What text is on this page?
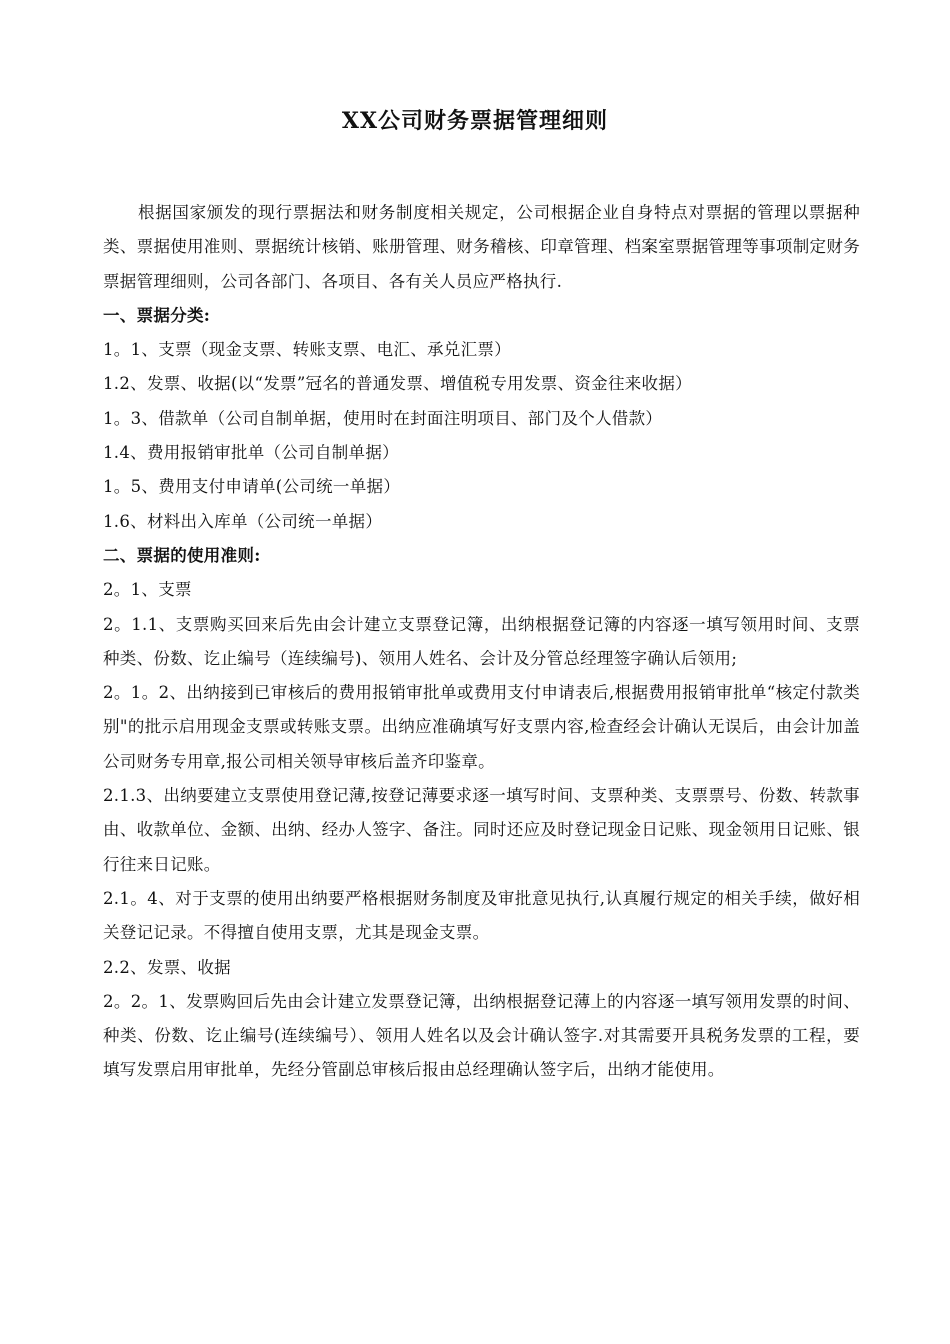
XX公司财务票据管理细则

根据国家颁发的现行票据法和财务制度相关规定，公司根据企业自身特点对票据的管理以票据种类、票据使用准则、票据统计核销、账册管理、财务稽核、印章管理、档案室票据管理等事项制定财务票据管理细则，公司各部门、各项目、各有关人员应严格执行.

一、票据分类:

1。1、支票（现金支票、转账支票、电汇、承兑汇票）

1.2、发票、收据(以“发票”冠名的普通发票、增值税专用发票、资金往来收据）

1。3、借款单（公司自制单据，使用时在封面注明项目、部门及个人借款）

1.4、费用报销审批单（公司自制单据）

1。5、费用支付申请单(公司统一单据）

1.6、材料出入库单（公司统一单据）

二、票据的使用准则:

2。1、支票

2。1.1、支票购买回来后先由会计建立支票登记簿，出纳根据登记簿的内容逐一填写领用时间、支票种类、份数、讫止编号（连续编号)、领用人姓名、会计及分管总经理签字确认后领用;

2。1。2、出纳接到已审核后的费用报销审批单或费用支付申请表后,根据费用报销审批单“核定付款类别"的批示启用现金支票或转账支票。出纳应准确填写好支票内容,检查经会计确认无误后，由会计加盖公司财务专用章,报公司相关领导审核后盖齐印鉴章。

2.1.3、出纳要建立支票使用登记薄,按登记薄要求逐一填写时间、支票种类、支票票号、份数、转款事由、收款单位、金额、出纳、经办人签字、备注。同时还应及时登记现金日记账、现金领用日记账、银行往来日记账。

2.1。4、对于支票的使用出纳要严格根据财务制度及审批意见执行,认真履行规定的相关手续，做好相关登记记录。不得擅自使用支票，尤其是现金支票。

2.2、发票、收据

2。2。1、发票购回后先由会计建立发票登记簿，出纳根据登记薄上的内容逐一填写领用发票的时间、种类、份数、讫止编号(连续编号）、领用人姓名以及会计确认签字.对其需要开具税务发票的工程，要填写发票启用审批单，先经分管副总审核后报由总经理确认签字后，出纳才能使用。
